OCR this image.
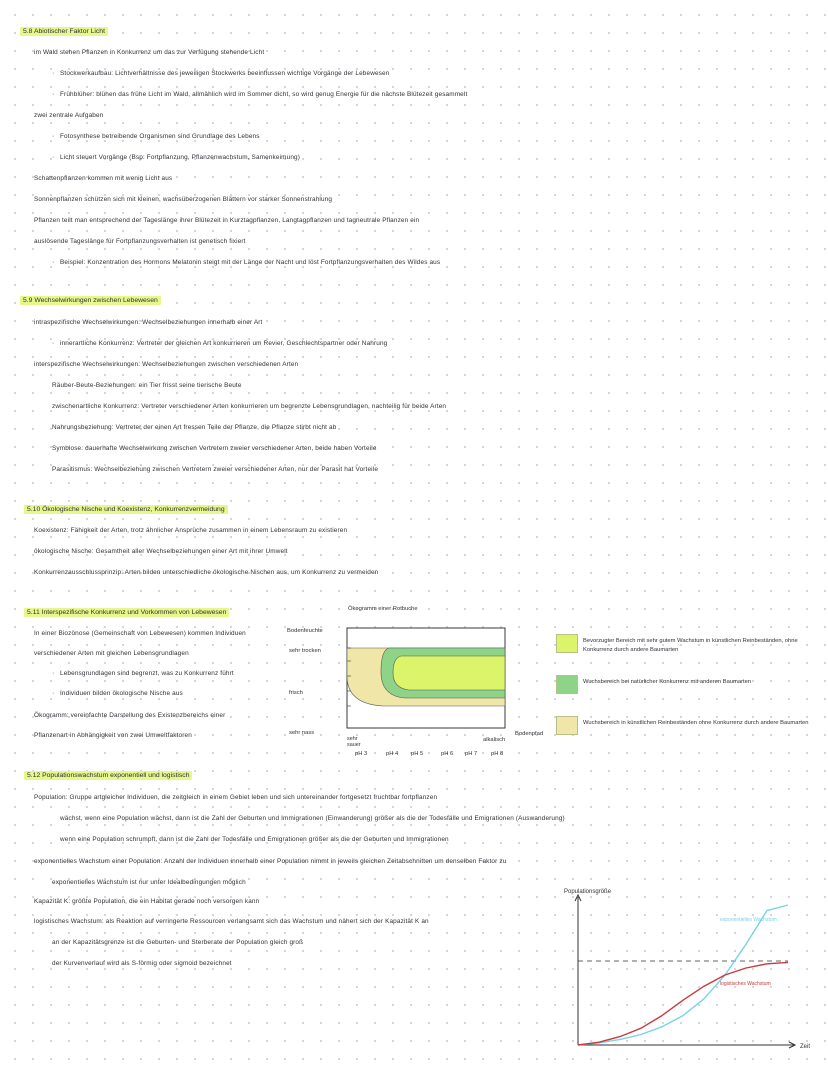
5.8 Abiotischer Faktor Licht
im Wald stehen Pflanzen in Konkurrenz um das zur Verfügung stehende Licht
· Stockwerkaufbau: Lichtverhältnisse des jeweiligen Stockwerks beeinflussen wichtige Vorgänge der Lebewesen
· Frühblüher: blühen das frühe Licht im Wald, allmählich wird im Sommer dicht, so wird genug Energie für die nächste Blütezeit gesammelt
zwei zentrale Aufgaben
· Fotosynthese betreibende Organismen sind Grundlage des Lebens
· Licht steuert Vorgänge (Bsp: Fortpflanzung, Pflanzenwachstum, Samenkeimung)
Schattenpflanzen kommen mit wenig Licht aus
Sonnenpflanzen schützen sich mit kleinen, wachsüberzogenen Blättern vor starker Sonnenstrahlung
Pflanzen teilt man entsprechend der Tageslänge ihrer Blütezeit in Kurztagpflanzen, Langtagpflanzen und tagneutrale Pflanzen ein
auslösende Tageslänge für Fortpflanzungsverhalten ist genetisch fixiert
· Beispiel: Konzentration des Hormons Melatonin steigt mit der Länge der Nacht und löst Fortpflanzungsverhalten des Wildes aus
5.9 Wechselwirkungen zwischen Lebewesen
intraspezifische Wechselwirkungen: Wechselbeziehungen innerhalb einer Art
· innerartliche Konkurrenz: Vertreter der gleichen Art konkurrieren um Revier, Geschlechtspartner oder Nahrung
interspezifische Wechselwirkungen: Wechselbeziehungen zwischen verschiedenen Arten
Räuber-Beute-Beziehungen: ein Tier frisst seine tierische Beute
zwischenartliche Konkurrenz: Vertreter verschiedener Arten konkurrieren um begrenzte Lebensgrundlagen, nachteilig für beide Arten
Nahrungsbeziehung: Vertreter der einen Art fressen Teile der Pflanze, die Pflanze stirbt nicht ab
Symbiose: dauerhafte Wechselwirkung zwischen Vertretern zweier verschiedener Arten, beide haben Vorteile
Parasitismus: Wechselbeziehung zwischen Vertretern zweier verschiedener Arten, nur der Parasit hat Vorteile
5.10 Ökologische Nische und Koexistenz, Konkurrenzvermeidung
Koexistenz: Fähigkeit der Arten, trotz ähnlicher Ansprüche zusammen in einem Lebensraum zu existieren
ökologische Nische: Gesamtheit aller Wechselbeziehungen einer Art mit ihrer Umwelt
Konkurrenzausschlussprinzip: Arten bilden unterschiedliche ökologische Nischen aus, um Konkurrenz zu vermeiden
5.11 Interspezifische Konkurrenz und Vorkommen von Lebewesen
In einer Biozönose (Gemeinschaft von Lebewesen) kommen Individuen
verschiedener Arten mit gleichen Lebensgrundlagen
· Lebensgrundlagen sind begrenzt, was zu Konkurrenz führt
· Individuen bilden ökologische Nische aus
Ökogramm: vereinfachte Darstellung des Existenzbereichs einer
Pflanzenart in Abhängigkeit von zwei Umweltfaktoren
Ökogramm einer Rotbuche
Bodenfeuchte
sehr trocken
frisch
sehr nass
sehr sauer
alkalisch
Bodenpfad
pH 3	pH 4 pH 5	pH 6 pH 7 pH 8
Bevorzugter Bereich mit sehr gutem Wachstum in künstlichen Reinbeständen, ohne Konkurrenz durch andere Baumarten
Wuchsbereich bei natürlicher Konkurrenz mit anderen Baumarten
Wuchsbereich in künstlichen Reinbeständen ohne Konkurrenz durch andere Baumarten
5.12 Populationswachstum exponentiell und logistisch
Population: Gruppe artgleicher Individuen, die zeitgleich in einem Gebiet leben und sich untereinander fortgesetzt fruchtbar fortpflanzen
wächst, wenn eine Population wächst, dann ist die Zahl der Geburten und Immigrationen (Einwanderung) größer als die der Todesfälle und Emigrationen (Auswanderung)
wenn eine Population schrumpft, dann ist die Zahl der Todesfälle und Emigrationen größer als die der Geburten und Immigrationen
exponentielles Wachstum einer Population: Anzahl der Individuen innerhalb einer Population nimmt in jeweils gleichen Zeitabschnitten um denselben Faktor zu
exponentielles Wachstum ist nur unter Idealbedingungen möglich
Kapazität K: größte Population, die ein Habitat gerade noch versorgen kann
logistisches Wachstum: als Reaktion auf verringerte Ressourcen verlangsamt sich das Wachstum und nähert sich der Kapazität K an
an der Kapazitätsgrenze ist die Geburten- und Sterberate der Population gleich groß
der Kurvenverlauf wird als S-förmig oder sigmoid bezeichnet
Populationsgröße
Zeit
exponentielles Wachstum
logistisches Wachstum
